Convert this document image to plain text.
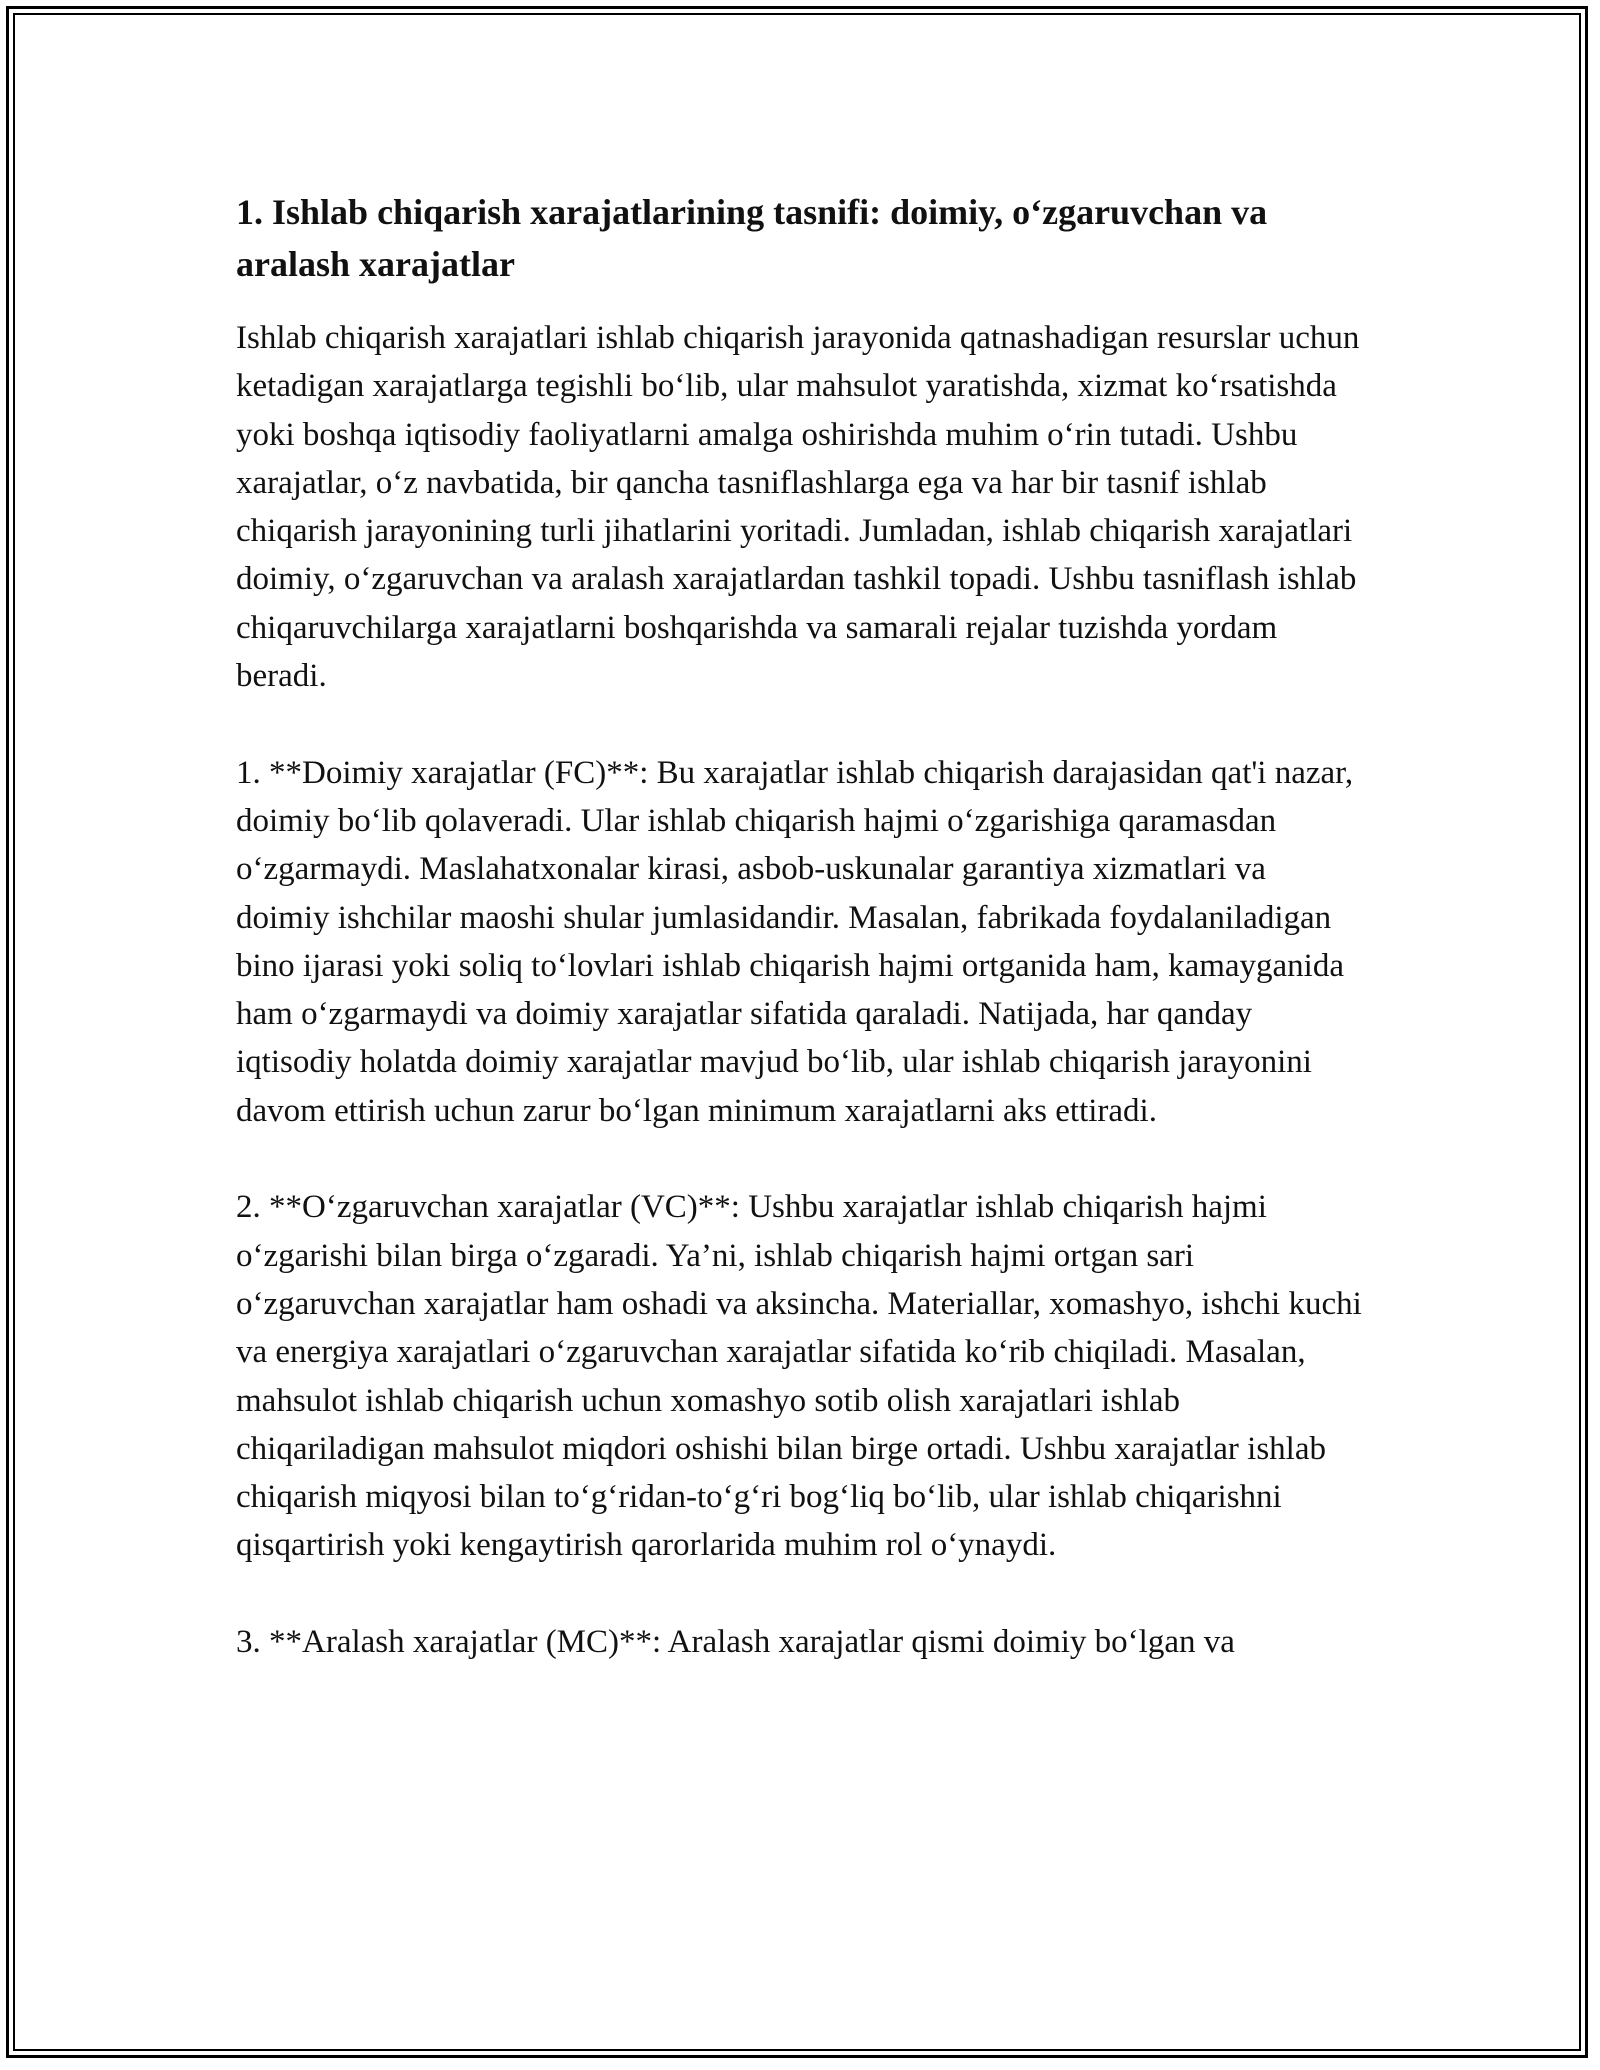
1. Ishlab chiqarish xarajatlarining tasnifi: doimiy, o‘zgaruvchan va aralash xarajatlar

Ishlab chiqarish xarajatlari ishlab chiqarish jarayonida qatnashadigan resurslar uchun ketadigan xarajatlarga tegishli bo‘lib, ular mahsulot yaratishda, xizmat ko‘rsatishda yoki boshqa iqtisodiy faoliyatlarni amalga oshirishda muhim o‘rin tutadi. Ushbu xarajatlar, o‘z navbatida, bir qancha tasniflashlarga ega va har bir tasnif ishlab chiqarish jarayonining turli jihatlarini yoritadi. Jumladan, ishlab chiqarish xarajatlari doimiy, o‘zgaruvchan va aralash xarajatlardan tashkil topadi. Ushbu tasniflash ishlab chiqaruvchilarga xarajatlarni boshqarishda va samarali rejalar tuzishda yordam beradi.

1. **Doimiy xarajatlar (FC)**: Bu xarajatlar ishlab chiqarish darajasidan qat'i nazar, doimiy bo‘lib qolaveradi. Ular ishlab chiqarish hajmi o‘zgarishiga qaramasdan o‘zgarmaydi. Maslahatxonalar kirasi, asbob-uskunalar garantiya xizmatlari va doimiy ishchilar maoshi shular jumlasidandir. Masalan, fabrikada foydalaniladigan bino ijarasi yoki soliq to‘lovlari ishlab chiqarish hajmi ortganida ham, kamayganida ham o‘zgarmaydi va doimiy xarajatlar sifatida qaraladi. Natijada, har qanday iqtisodiy holatda doimiy xarajatlar mavjud bo‘lib, ular ishlab chiqarish jarayonini davom ettirish uchun zarur bo‘lgan minimum xarajatlarni aks ettiradi.

2. **O‘zgaruvchan xarajatlar (VC)**: Ushbu xarajatlar ishlab chiqarish hajmi o‘zgarishi bilan birga o‘zgaradi. Ya’ni, ishlab chiqarish hajmi ortgan sari o‘zgaruvchan xarajatlar ham oshadi va aksincha. Materiallar, xomashyo, ishchi kuchi va energiya xarajatlari o‘zgaruvchan xarajatlar sifatida ko‘rib chiqiladi. Masalan, mahsulot ishlab chiqarish uchun xomashyo sotib olish xarajatlari ishlab chiqariladigan mahsulot miqdori oshishi bilan birge ortadi. Ushbu xarajatlar ishlab chiqarish miqyosi bilan to‘g‘ridan-to‘g‘ri bog‘liq bo‘lib, ular ishlab chiqarishni qisqartirish yoki kengaytirish qarorlarida muhim rol o‘ynaydi.

3. **Aralash xarajatlar (MC)**: Aralash xarajatlar qismi doimiy bo‘lgan va
